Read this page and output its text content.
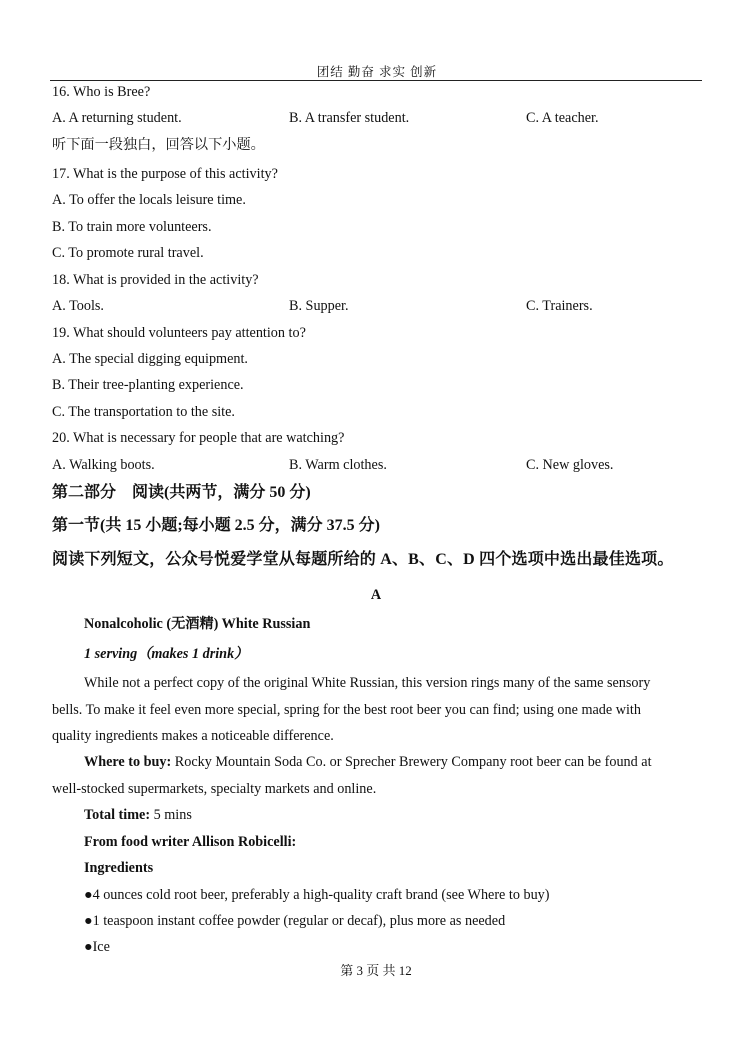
团结 勤奋 求实 创新
16. Who is Bree?
A. A returning student.	B. A transfer student.	C. A teacher.
听下面一段独白，回答以下小题。
17. What is the purpose of this activity?
A. To offer the locals leisure time.
B. To train more volunteers.
C. To promote rural travel.
18. What is provided in the activity?
A. Tools.	B. Supper.	C. Trainers.
19. What should volunteers pay attention to?
A. The special digging equipment.
B. Their tree-planting experience.
C. The transportation to the site.
20. What is necessary for people that are watching?
A. Walking boots.	B. Warm clothes.	C. New gloves.
第二部分　阅读(共两节，满分 50 分)
第一节(共 15 小题;每小题 2.5 分，满分 37.5 分)
阅读下列短文，公众号悦爱学堂从每题所给的 A、B、C、D 四个选项中选出最佳选项。
A
Nonalcoholic (无酒精) White Russian
1 serving（makes 1 drink）
While not a perfect copy of the original White Russian, this version rings many of the same sensory
bells. To make it feel even more special, spring for the best root beer you can find; using one made with
quality ingredients makes a noticeable difference.
Where to buy: Rocky Mountain Soda Co. or Sprecher Brewery Company root beer can be found at
well-stocked supermarkets, specialty markets and online.
Total time: 5 mins
From food writer Allison Robicelli:
Ingredients
●4 ounces cold root beer, preferably a high-quality craft brand (see Where to buy)
●1 teaspoon instant coffee powder (regular or decaf), plus more as needed
●Ice
第 3 页 共 12
